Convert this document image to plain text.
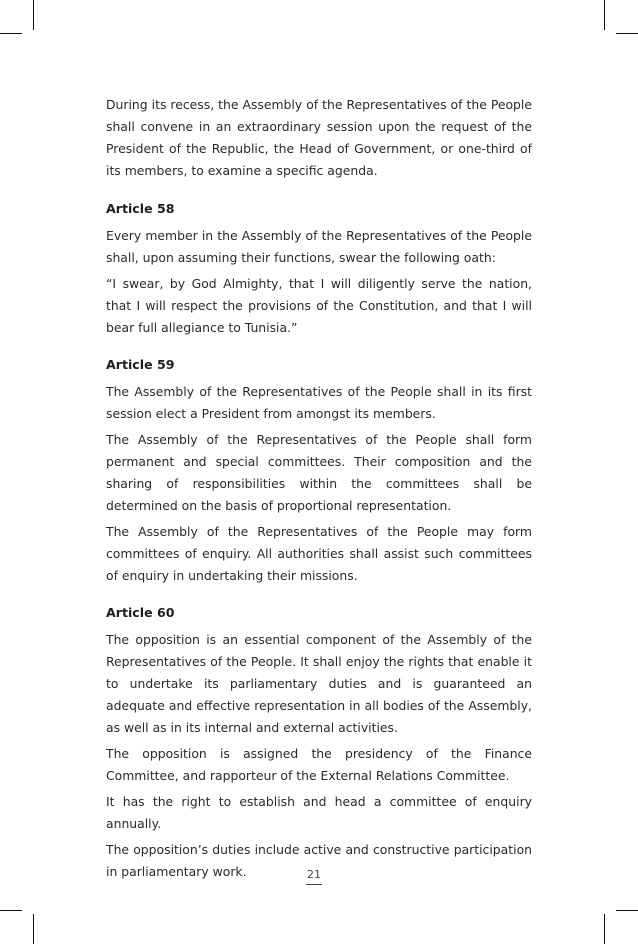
During its recess, the Assembly of the Representatives of the People shall convene in an extraordinary session upon the request of the President of the Republic, the Head of Government, or one-third of its members, to examine a specific agenda.

Article 58

Every member in the Assembly of the Representatives of the People shall, upon assuming their functions, swear the following oath:

“I swear, by God Almighty, that I will diligently serve the nation, that I will respect the provisions of the Constitution, and that I will bear full allegiance to Tunisia.”

Article 59

The Assembly of the Representatives of the People shall in its first session elect a President from amongst its members.

The Assembly of the Representatives of the People shall form permanent and special committees. Their composition and the sharing of responsibilities within the committees shall be determined on the basis of proportional representation.

The Assembly of the Representatives of the People may form committees of enquiry. All authorities shall assist such committees of enquiry in undertaking their missions.

Article 60

The opposition is an essential component of the Assembly of the Representatives of the People. It shall enjoy the rights that enable it to undertake its parliamentary duties and is guaranteed an adequate and effective representation in all bodies of the Assembly, as well as in its internal and external activities.

The opposition is assigned the presidency of the Finance Committee, and rapporteur of the External Relations Committee.

It has the right to establish and head a committee of enquiry annually.

The opposition’s duties include active and constructive participation in parliamentary work.	21
